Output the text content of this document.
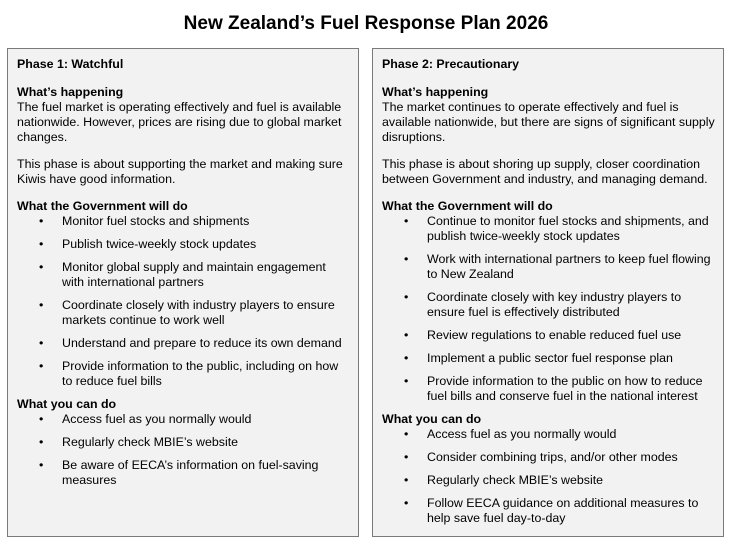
New Zealand’s Fuel Response Plan 2026
Phase 1: Watchful
What’s happening

The fuel market is operating effectively and fuel is available nationwide. However, prices are rising due to global market changes.

This phase is about supporting the market and making sure Kiwis have good information.

What the Government will do
• Monitor fuel stocks and shipments
• Publish twice-weekly stock updates
• Monitor global supply and maintain engagement with international partners
• Coordinate closely with industry players to ensure markets continue to work well
• Understand and prepare to reduce its own demand
• Provide information to the public, including on how to reduce fuel bills
What you can do
• Access fuel as you normally would
• Regularly check MBIE’s website
• Be aware of EECA’s information on fuel-saving measures
Phase 2: Precautionary
What’s happening

The market continues to operate effectively and fuel is available nationwide, but there are signs of significant supply disruptions.

This phase is about shoring up supply, closer coordination between Government and industry, and managing demand.

What the Government will do
• Continue to monitor fuel stocks and shipments, and publish twice-weekly stock updates
• Work with international partners to keep fuel flowing to New Zealand
• Coordinate closely with key industry players to ensure fuel is effectively distributed
• Review regulations to enable reduced fuel use
• Implement a public sector fuel response plan
• Provide information to the public on how to reduce fuel bills and conserve fuel in the national interest
What you can do
• Access fuel as you normally would
• Consider combining trips, and/or other modes
• Regularly check MBIE’s website
• Follow EECA guidance on additional measures to help save fuel day-to-day
